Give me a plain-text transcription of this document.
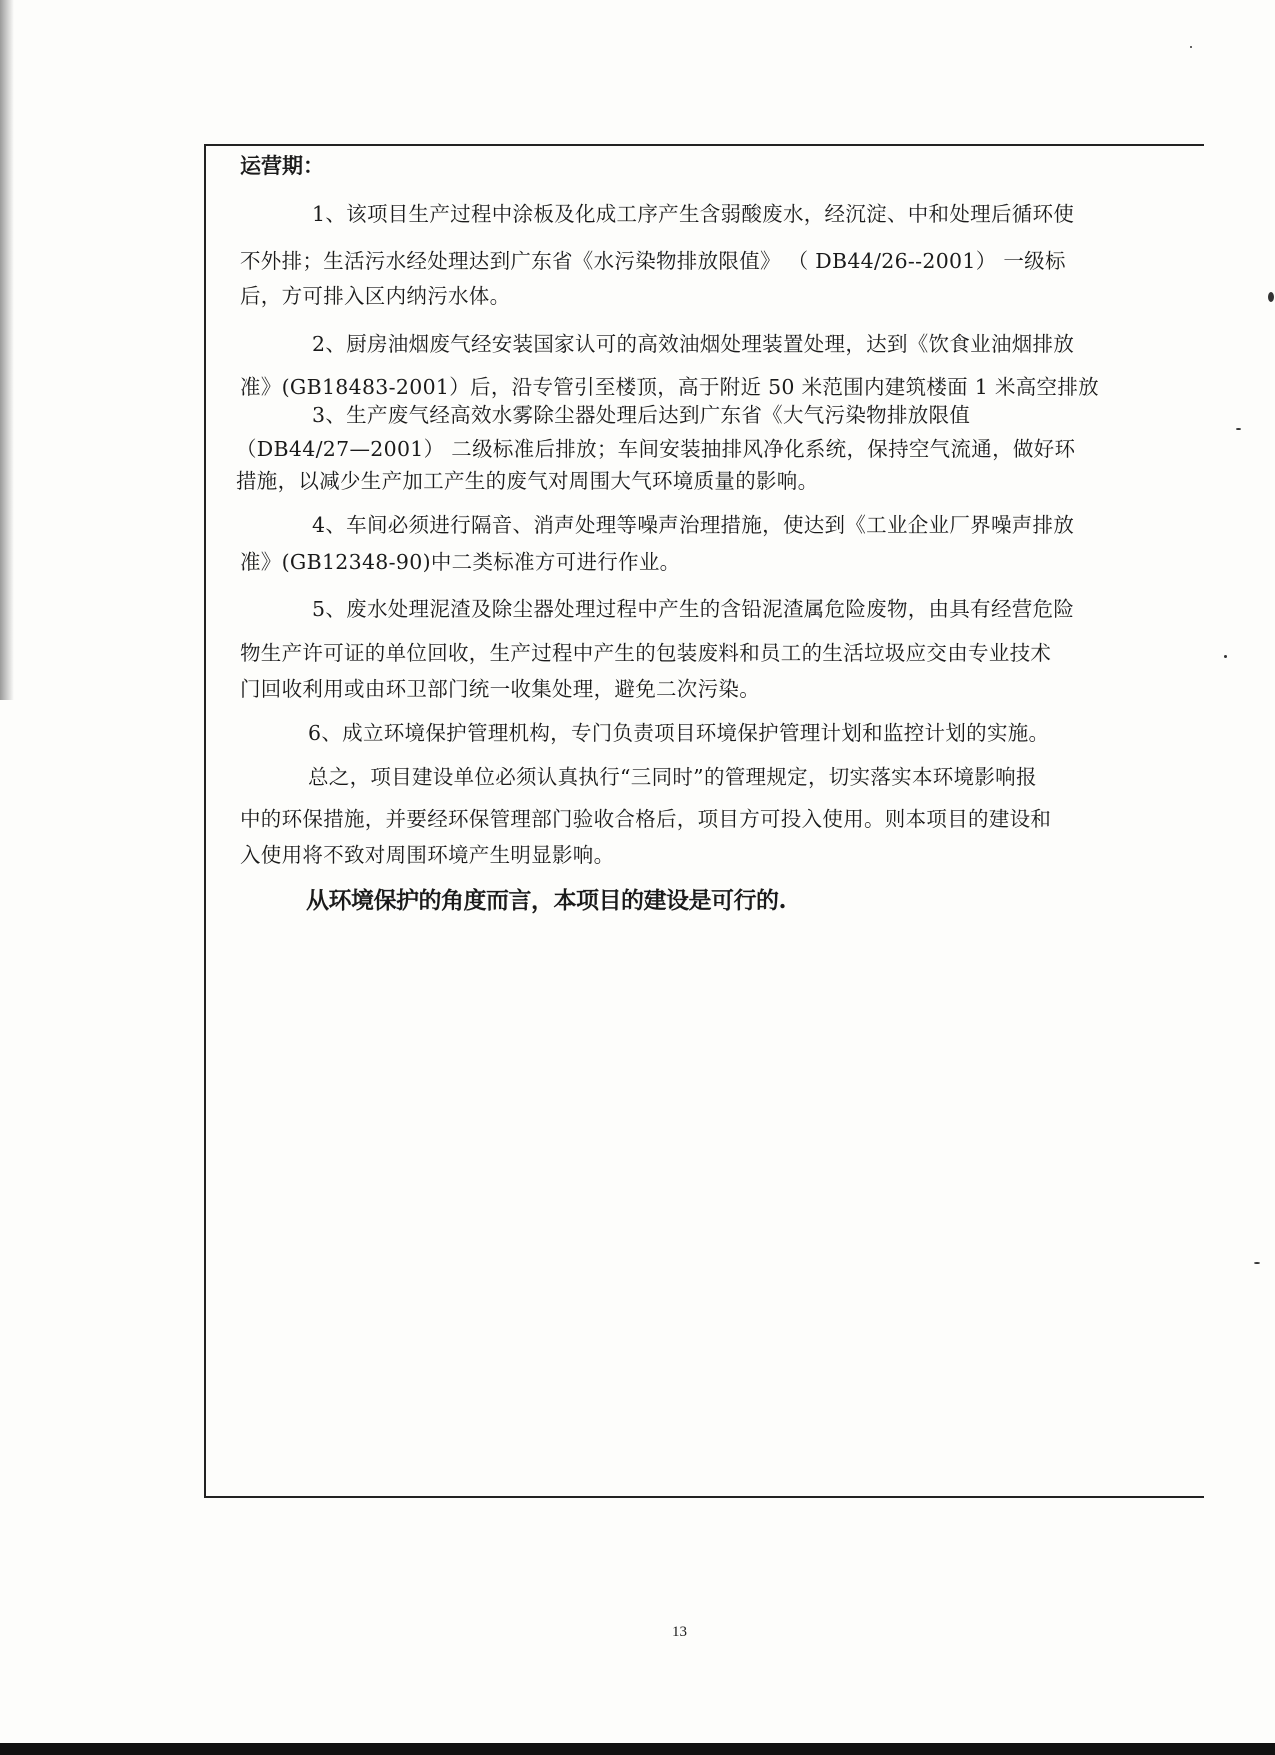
运营期：
1、该项目生产过程中涂板及化成工序产生含弱酸废水，经沉淀、中和处理后循环使
不外排；生活污水经处理达到广东省《水污染物排放限值》 （ DB44/26--2001） 一级标
后，方可排入区内纳污水体。
2、厨房油烟废气经安装国家认可的高效油烟处理装置处理，达到《饮食业油烟排放
准》(GB18483-2001）后，沿专管引至楼顶，高于附近 50 米范围内建筑楼面 1 米高空排放
3、生产废气经高效水雾除尘器处理后达到广东省《大气污染物排放限值
（DB44/27—2001） 二级标准后排放；车间安装抽排风净化系统，保持空气流通，做好环
措施，以减少生产加工产生的废气对周围大气环境质量的影响。
4、车间必须进行隔音、消声处理等噪声治理措施，使达到《工业企业厂界噪声排放
准》(GB12348-90)中二类标准方可进行作业。
5、废水处理泥渣及除尘器处理过程中产生的含铅泥渣属危险废物，由具有经营危险
物生产许可证的单位回收，生产过程中产生的包装废料和员工的生活垃圾应交由专业技术
门回收利用或由环卫部门统一收集处理，避免二次污染。
6、成立环境保护管理机构，专门负责项目环境保护管理计划和监控计划的实施。
总之，项目建设单位必须认真执行“三同时”的管理规定，切实落实本环境影响报
中的环保措施，并要经环保管理部门验收合格后，项目方可投入使用。则本项目的建设和
入使用将不致对周围环境产生明显影响。
从环境保护的角度而言，本项目的建设是可行的.
13
